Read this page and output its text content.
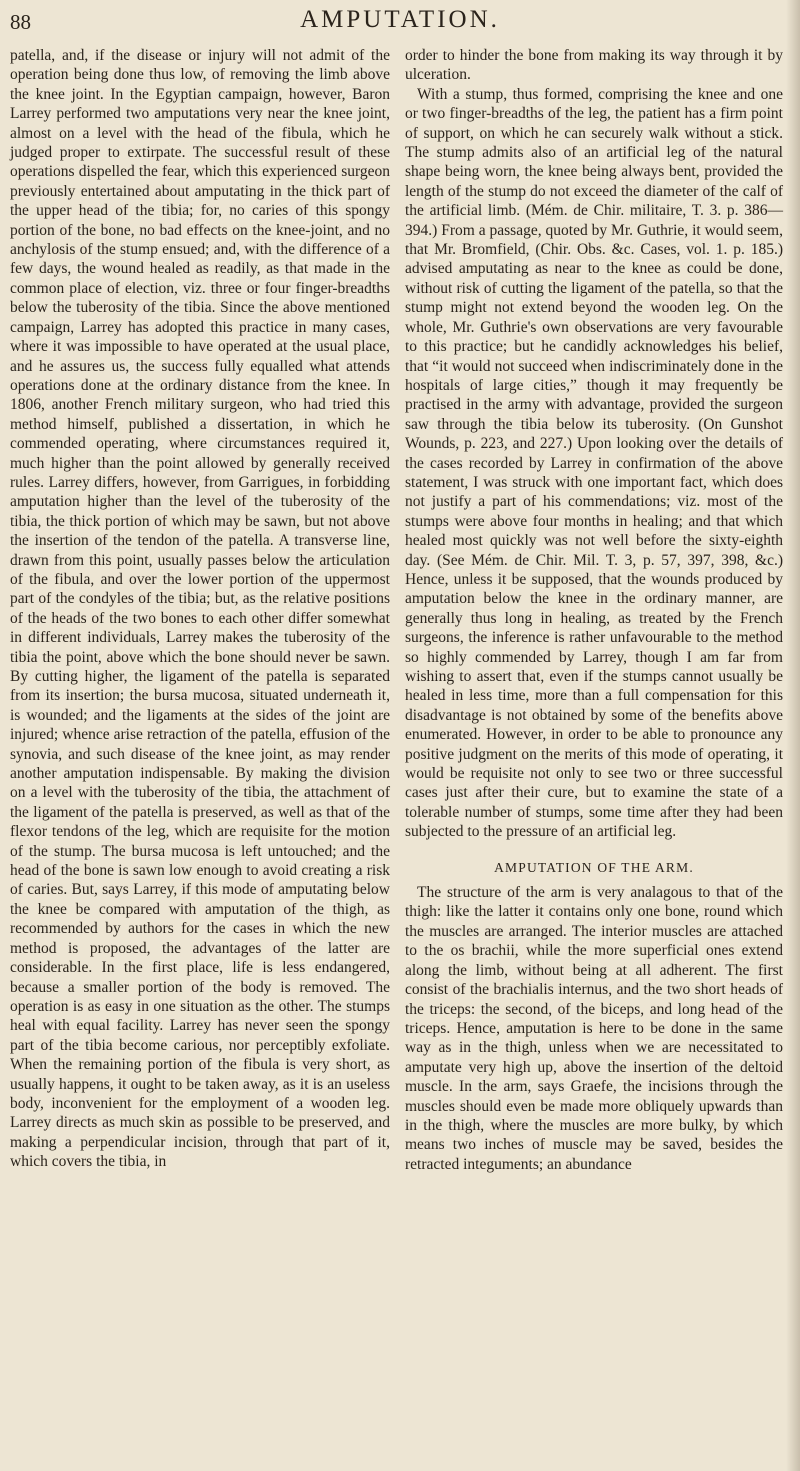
88	AMPUTATION.

patella, and, if the disease or injury will not admit of the operation being done thus low, of removing the limb above the knee joint. In the Egyptian campaign, however, Baron Larrey performed two amputations very near the knee joint, almost on a level with the head of the fibula, which he judged proper to extirpate. The successful result of these operations dispelled the fear, which this experienced surgeon previously entertained about amputating in the thick part of the upper head of the tibia; for, no caries of this spongy portion of the bone, no bad effects on the knee-joint, and no anchylosis of the stump ensued; and, with the difference of a few days, the wound healed as readily, as that made in the common place of election, viz. three or four finger-breadths below the tuberosity of the tibia. Since the above mentioned campaign, Larrey has adopted this practice in many cases, where it was impossible to have operated at the usual place, and he assures us, the success fully equalled what attends operations done at the ordinary distance from the knee. In 1806, another French military surgeon, who had tried this method himself, published a dissertation, in which he commended operating, where circumstances required it, much higher than the point allowed by generally received rules. Larrey differs, however, from Garrigues, in forbidding amputation higher than the level of the tuberosity of the tibia, the thick portion of which may be sawn, but not above the insertion of the tendon of the patella. A transverse line, drawn from this point, usually passes below the articulation of the fibula, and over the lower portion of the uppermost part of the condyles of the tibia; but, as the relative positions of the heads of the two bones to each other differ somewhat in different individuals, Larrey makes the tuberosity of the tibia the point, above which the bone should never be sawn. By cutting higher, the ligament of the patella is separated from its insertion; the bursa mucosa, situated underneath it, is wounded; and the ligaments at the sides of the joint are injured; whence arise retraction of the patella, effusion of the synovia, and such disease of the knee joint, as may render another amputation indispensable. By making the division on a level with the tuberosity of the tibia, the attachment of the ligament of the patella is preserved, as well as that of the flexor tendons of the leg, which are requisite for the motion of the stump. The bursa mucosa is left untouched; and the head of the bone is sawn low enough to avoid creating a risk of caries. But, says Larrey, if this mode of amputating below the knee be compared with amputation of the thigh, as recommended by authors for the cases in which the new method is proposed, the advantages of the latter are considerable. In the first place, life is less endangered, because a smaller portion of the body is removed. The operation is as easy in one situation as the other. The stumps heal with equal facility. Larrey has never seen the spongy part of the tibia become carious, nor perceptibly exfoliate. When the remaining portion of the fibula is very short, as usually happens, it ought to be taken away, as it is an useless body, inconvenient for the employment of a wooden leg. Larrey directs as much skin as possible to be preserved, and making a perpendicular incision, through that part of it, which covers the tibia, in

order to hinder the bone from making its way through it by ulceration.

With a stump, thus formed, comprising the knee and one or two finger-breadths of the leg, the patient has a firm point of support, on which he can securely walk without a stick. The stump admits also of an artificial leg of the natural shape being worn, the knee being always bent, provided the length of the stump do not exceed the diameter of the calf of the artificial limb. (Mém. de Chir. militaire, T. 3. p. 386—394.) From a passage, quoted by Mr. Guthrie, it would seem, that Mr. Bromfield, (Chir. Obs. &c. Cases, vol. 1. p. 185.) advised amputating as near to the knee as could be done, without risk of cutting the ligament of the patella, so that the stump might not extend beyond the wooden leg. On the whole, Mr. Guthrie's own observations are very favourable to this practice; but he candidly acknowledges his belief, that “it would not succeed when indiscriminately done in the hospitals of large cities,” though it may frequently be practised in the army with advantage, provided the surgeon saw through the tibia below its tuberosity. (On Gunshot Wounds, p. 223, and 227.) Upon looking over the details of the cases recorded by Larrey in confirmation of the above statement, I was struck with one important fact, which does not justify a part of his commendations; viz. most of the stumps were above four months in healing; and that which healed most quickly was not well before the sixty-eighth day. (See Mém. de Chir. Mil. T. 3, p. 57, 397, 398, &c.) Hence, unless it be supposed, that the wounds produced by amputation below the knee in the ordinary manner, are generally thus long in healing, as treated by the French surgeons, the inference is rather unfavourable to the method so highly commended by Larrey, though I am far from wishing to assert that, even if the stumps cannot usually be healed in less time, more than a full compensation for this disadvantage is not obtained by some of the benefits above enumerated. However, in order to be able to pronounce any positive judgment on the merits of this mode of operating, it would be requisite not only to see two or three successful cases just after their cure, but to examine the state of a tolerable number of stumps, some time after they had been subjected to the pressure of an artificial leg.

AMPUTATION OF THE ARM.

The structure of the arm is very analagous to that of the thigh: like the latter it contains only one bone, round which the muscles are arranged. The interior muscles are attached to the os brachii, while the more superficial ones extend along the limb, without being at all adherent. The first consist of the brachialis internus, and the two short heads of the triceps: the second, of the biceps, and long head of the triceps. Hence, amputation is here to be done in the same way as in the thigh, unless when we are necessitated to amputate very high up, above the insertion of the deltoid muscle. In the arm, says Graefe, the incisions through the muscles should even be made more obliquely upwards than in the thigh, where the muscles are more bulky, by which means two inches of muscle may be saved, besides the retracted integuments; an abundance
